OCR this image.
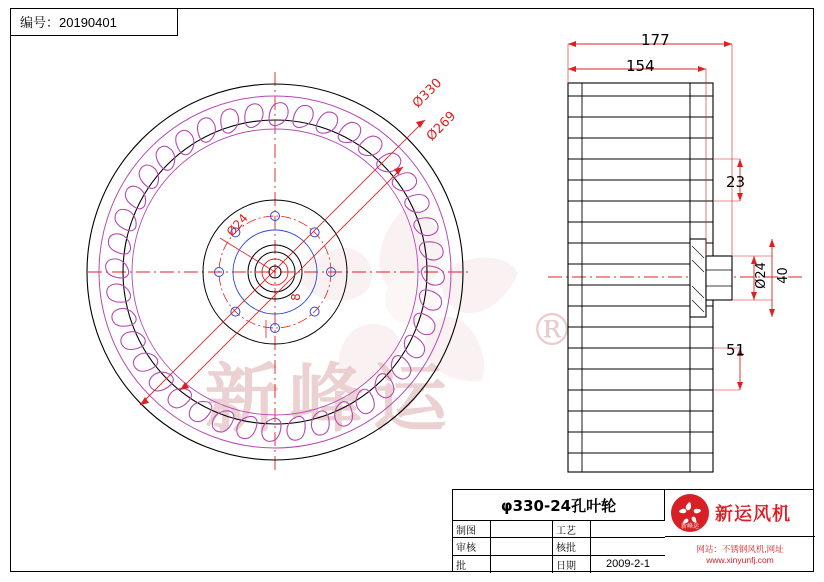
新峰运
®
编号：20190401
Ø330
Ø269
Ø24
8
177
154
23
51
Ø24 40
φ330-24孔叶轮
制图	工艺
审核	核批
批	日期	2009-2-1
新峰运
新运风机
网站：不锈钢风机,网址
www.xinyunfj.com
